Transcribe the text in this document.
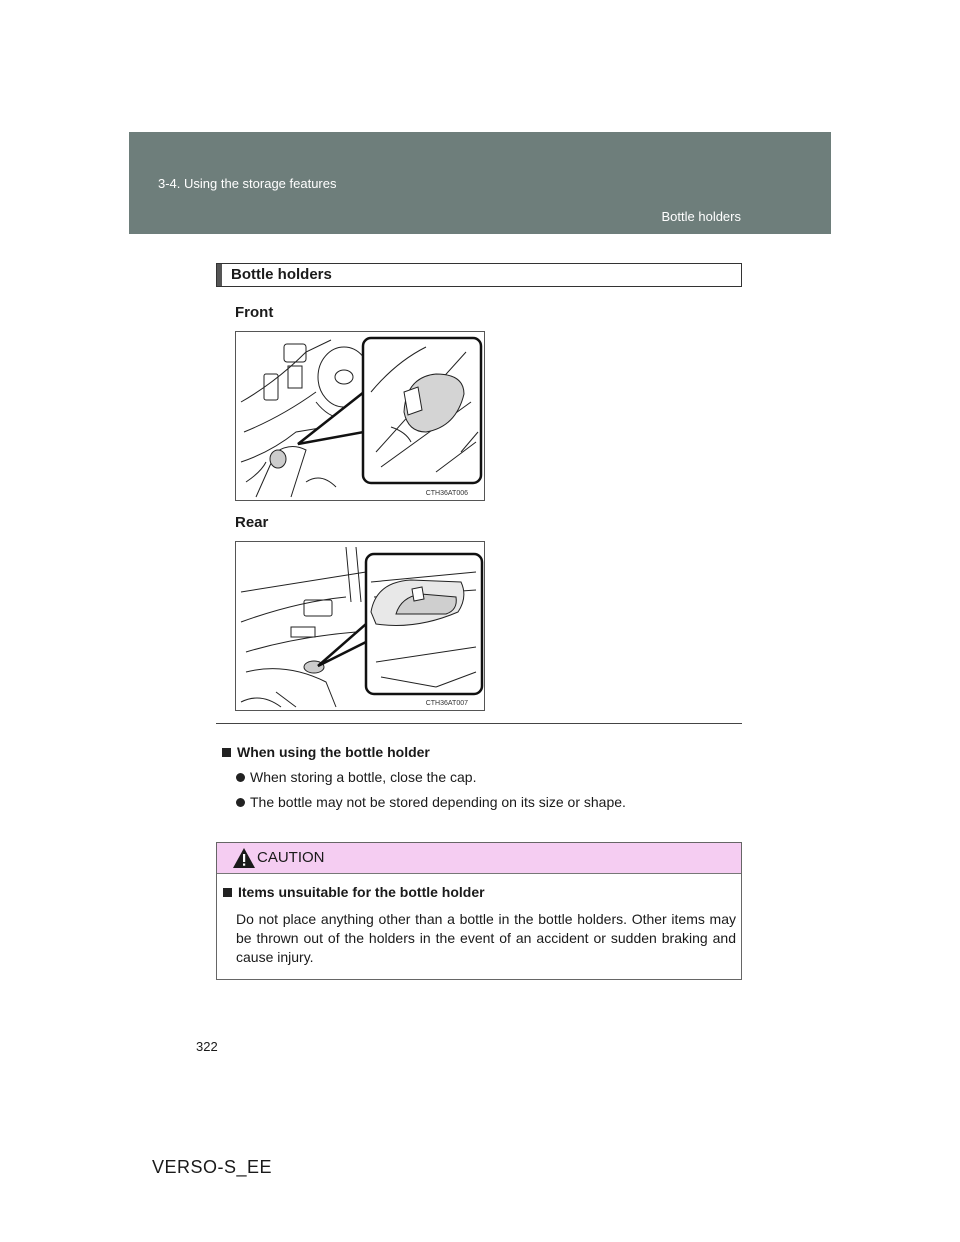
3-4. Using the storage features
Bottle holders
Bottle holders
Front
CTH36AT006
Rear
CTH36AT007
When using the bottle holder
When storing a bottle, close the cap.
The bottle may not be stored depending on its size or shape.
CAUTION
Items unsuitable for the bottle holder
Do not place anything other than a bottle in the bottle holders. Other items may be thrown out of the holders in the event of an accident or sudden braking and cause injury.
322
VERSO-S_EE
